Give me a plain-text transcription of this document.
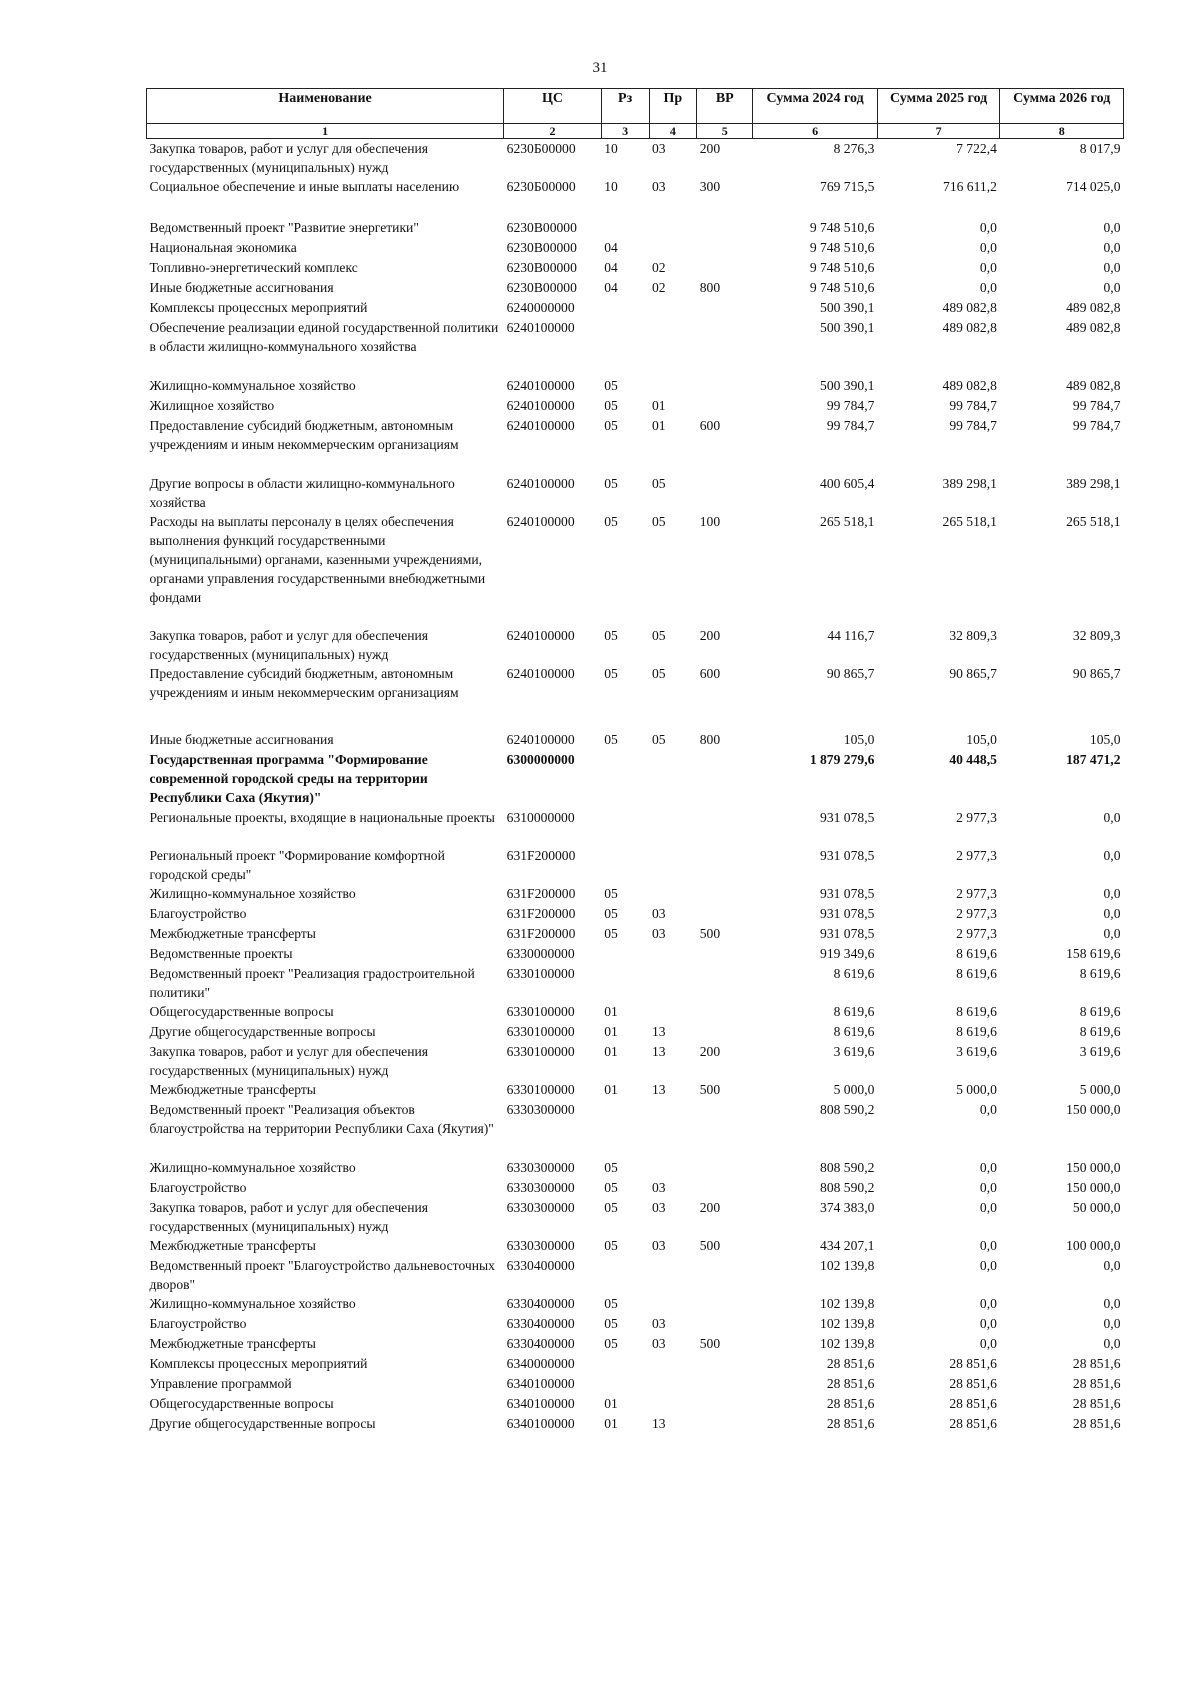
31
Наименование	ЦС	Рз	Пр	ВР	Сумма 2024 год	Сумма 2025 год	Сумма 2026 год
1	2	3	4	5	6	7	8
Закупка товаров, работ и услуг для обеспечения государственных (муниципальных) нужд	6230Б00000	10	03	200	8 276,3	7 722,4	8 017,9
Социальное обеспечение и иные выплаты населению	6230Б00000	10	03	300	769 715,5	716 611,2	714 025,0
Ведомственный проект "Развитие энергетики"	6230В00000				9 748 510,6	0,0	0,0
Национальная экономика	6230В00000	04			9 748 510,6	0,0	0,0
Топливно-энергетический комплекс	6230В00000	04	02		9 748 510,6	0,0	0,0
Иные бюджетные ассигнования	6230В00000	04	02	800	9 748 510,6	0,0	0,0
Комплексы процессных мероприятий	6240000000				500 390,1	489 082,8	489 082,8
Обеспечение реализации единой государственной политики в области жилищно-коммунального хозяйства	6240100000				500 390,1	489 082,8	489 082,8
Жилищно-коммунальное хозяйство	6240100000	05			500 390,1	489 082,8	489 082,8
Жилищное хозяйство	6240100000	05	01		99 784,7	99 784,7	99 784,7
Предоставление субсидий бюджетным, автономным учреждениям и иным некоммерческим организациям	6240100000	05	01	600	99 784,7	99 784,7	99 784,7
Другие вопросы в области жилищно-коммунального хозяйства	6240100000	05	05		400 605,4	389 298,1	389 298,1
Расходы на выплаты персоналу в целях обеспечения выполнения функций государственными (муниципальными) органами, казенными учреждениями, органами управления государственными внебюджетными фондами	6240100000	05	05	100	265 518,1	265 518,1	265 518,1
Закупка товаров, работ и услуг для обеспечения государственных (муниципальных) нужд	6240100000	05	05	200	44 116,7	32 809,3	32 809,3
Предоставление субсидий бюджетным, автономным учреждениям и иным некоммерческим организациям	6240100000	05	05	600	90 865,7	90 865,7	90 865,7
Иные бюджетные ассигнования	6240100000	05	05	800	105,0	105,0	105,0
Государственная программа "Формирование современной городской среды на территории Республики Саха (Якутия)"	6300000000				1 879 279,6	40 448,5	187 471,2
Региональные проекты, входящие в национальные проекты	6310000000				931 078,5	2 977,3	0,0
Региональный проект "Формирование комфортной городской среды"	631F200000				931 078,5	2 977,3	0,0
Жилищно-коммунальное хозяйство	631F200000	05			931 078,5	2 977,3	0,0
Благоустройство	631F200000	05	03		931 078,5	2 977,3	0,0
Межбюджетные трансферты	631F200000	05	03	500	931 078,5	2 977,3	0,0
Ведомственные проекты	6330000000				919 349,6	8 619,6	158 619,6
Ведомственный проект "Реализация градостроительной политики"	6330100000				8 619,6	8 619,6	8 619,6
Общегосударственные вопросы	6330100000	01			8 619,6	8 619,6	8 619,6
Другие общегосударственные вопросы	6330100000	01	13		8 619,6	8 619,6	8 619,6
Закупка товаров, работ и услуг для обеспечения государственных (муниципальных) нужд	6330100000	01	13	200	3 619,6	3 619,6	3 619,6
Межбюджетные трансферты	6330100000	01	13	500	5 000,0	5 000,0	5 000,0
Ведомственный проект "Реализация объектов благоустройства на территории Республики Саха (Якутия)"	6330300000				808 590,2	0,0	150 000,0
Жилищно-коммунальное хозяйство	6330300000	05			808 590,2	0,0	150 000,0
Благоустройство	6330300000	05	03		808 590,2	0,0	150 000,0
Закупка товаров, работ и услуг для обеспечения государственных (муниципальных) нужд	6330300000	05	03	200	374 383,0	0,0	50 000,0
Межбюджетные трансферты	6330300000	05	03	500	434 207,1	0,0	100 000,0
Ведомственный проект "Благоустройство дальневосточных дворов"	6330400000				102 139,8	0,0	0,0
Жилищно-коммунальное хозяйство	6330400000	05			102 139,8	0,0	0,0
Благоустройство	6330400000	05	03		102 139,8	0,0	0,0
Межбюджетные трансферты	6330400000	05	03	500	102 139,8	0,0	0,0
Комплексы процессных мероприятий	6340000000				28 851,6	28 851,6	28 851,6
Управление программой	6340100000				28 851,6	28 851,6	28 851,6
Общегосударственные вопросы	6340100000	01			28 851,6	28 851,6	28 851,6
Другие общегосударственные вопросы	6340100000	01	13		28 851,6	28 851,6	28 851,6
